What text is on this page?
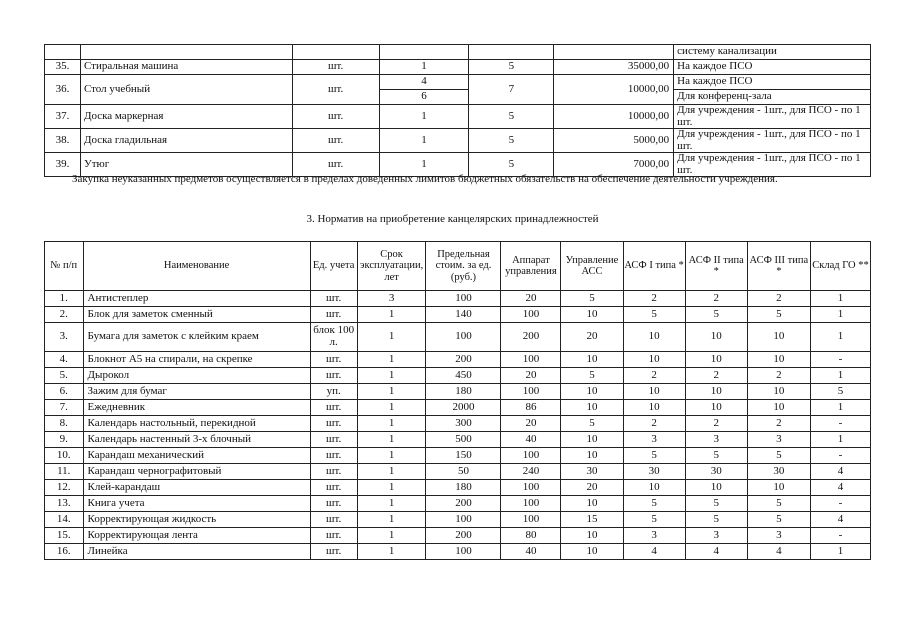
						систему канализации
35.	Стиральная машина	шт.	1	5	35000,00	На каждое ПСО
36.	Стол учебный	шт.	4	7	10000,00	На каждое ПСО
			6			Для конференц-зала
37.	Доска маркерная	шт.	1	5	10000,00	Для учреждения - 1шт., для ПСО - по 1 шт.
38.	Доска гладильная	шт.	1	5	5000,00	Для учреждения - 1шт., для ПСО - по 1 шт.
39.	Утюг	шт.	1	5	7000,00	Для учреждения - 1шт., для ПСО - по 1 шт.

Закупка неуказанных предметов осуществляется в пределах доведенных лимитов бюджетных обязательств на обеспечение деятельности учреждения.

3. Норматив на приобретение канцелярских принадлежностей

№ п/п	Наименование	Ед. учета	Срок эксплуатации, лет	Предельная стоим. за ед. (руб.)	Аппарат управления	Управление АСС	АСФ I типа *	АСФ II типа *	АСФ III типа *	Склад ГО **
1.	Антистеплер	шт.	3	100	20	5	2	2	2	1
2.	Блок для заметок сменный	шт.	1	140	100	10	5	5	5	1
3.	Бумага для заметок с клейким краем	блок 100 л.	1	100	200	20	10	10	10	1
4.	Блокнот А5 на спирали, на скрепке	шт.	1	200	100	10	10	10	10	-
5.	Дырокол	шт.	1	450	20	5	2	2	2	1
6.	Зажим для бумаг	уп.	1	180	100	10	10	10	10	5
7.	Ежедневник	шт.	1	2000	86	10	10	10	10	1
8.	Календарь настольный, перекидной	шт.	1	300	20	5	2	2	2	-
9.	Календарь настенный 3-х блочный	шт.	1	500	40	10	3	3	3	1
10.	Карандаш механический	шт.	1	150	100	10	5	5	5	-
11.	Карандаш чернографитовый	шт.	1	50	240	30	30	30	30	4
12.	Клей-карандаш	шт.	1	180	100	20	10	10	10	4
13.	Книга учета	шт.	1	200	100	10	5	5	5	-
14.	Корректирующая жидкость	шт.	1	100	100	15	5	5	5	4
15.	Корректирующая лента	шт.	1	200	80	10	3	3	3	-
16.	Линейка	шт.	1	100	40	10	4	4	4	1
